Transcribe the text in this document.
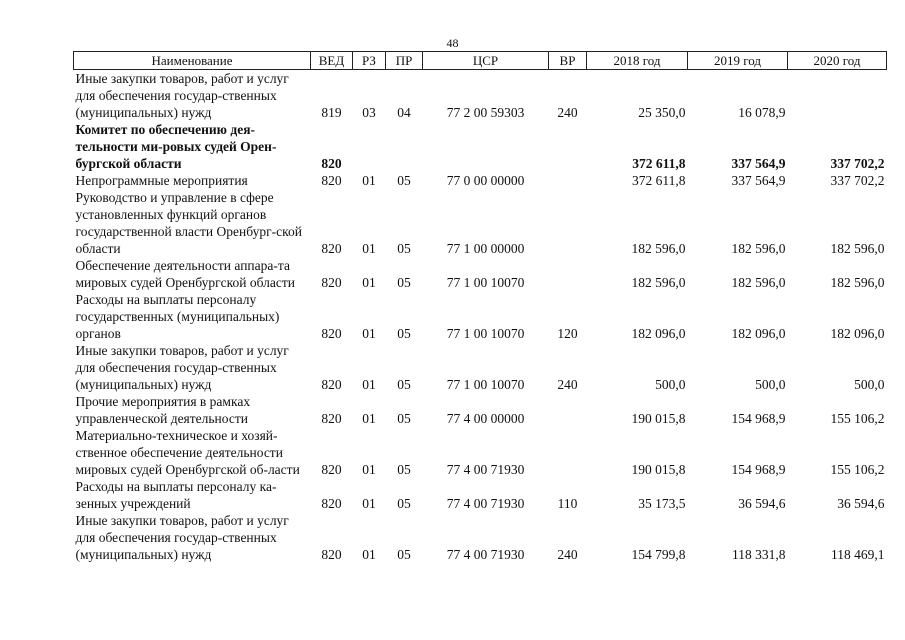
48
Наименование	ВЕД	РЗ	ПР	ЦСР	ВР	2018 год	2019 год	2020 год
Иные закупки товаров, работ и услуг для обеспечения государ-ственных (муниципальных) нужд	819	03	04	77 2 00 59303	240	25 350,0	16 078,9	
Комитет по обеспечению дея-тельности ми-ровых судей Орен-бургской области	820					372 611,8	337 564,9	337 702,2
Непрограммные мероприятия	820	01	05	77 0 00 00000		372 611,8	337 564,9	337 702,2
Руководство и управление в сфере установленных функций органов государственной власти Оренбург-ской области	820	01	05	77 1 00 00000		182 596,0	182 596,0	182 596,0
Обеспечение деятельности аппара-та мировых судей Оренбургской области	820	01	05	77 1 00 10070		182 596,0	182 596,0	182 596,0
Расходы на выплаты персоналу государственных (муниципальных) органов	820	01	05	77 1 00 10070	120	182 096,0	182 096,0	182 096,0
Иные закупки товаров, работ и услуг для обеспечения государ-ственных (муниципальных) нужд	820	01	05	77 1 00 10070	240	500,0	500,0	500,0
Прочие мероприятия в рамках управленческой деятельности	820	01	05	77 4 00 00000		190 015,8	154 968,9	155 106,2
Материально-техническое и хозяй-ственное обеспечение деятельности мировых судей Оренбургской об-ласти	820	01	05	77 4 00 71930		190 015,8	154 968,9	155 106,2
Расходы на выплаты персоналу ка-зенных учреждений	820	01	05	77 4 00 71930	110	35 173,5	36 594,6	36 594,6
Иные закупки товаров, работ и услуг для обеспечения государ-ственных (муниципальных) нужд	820	01	05	77 4 00 71930	240	154 799,8	118 331,8	118 469,1
